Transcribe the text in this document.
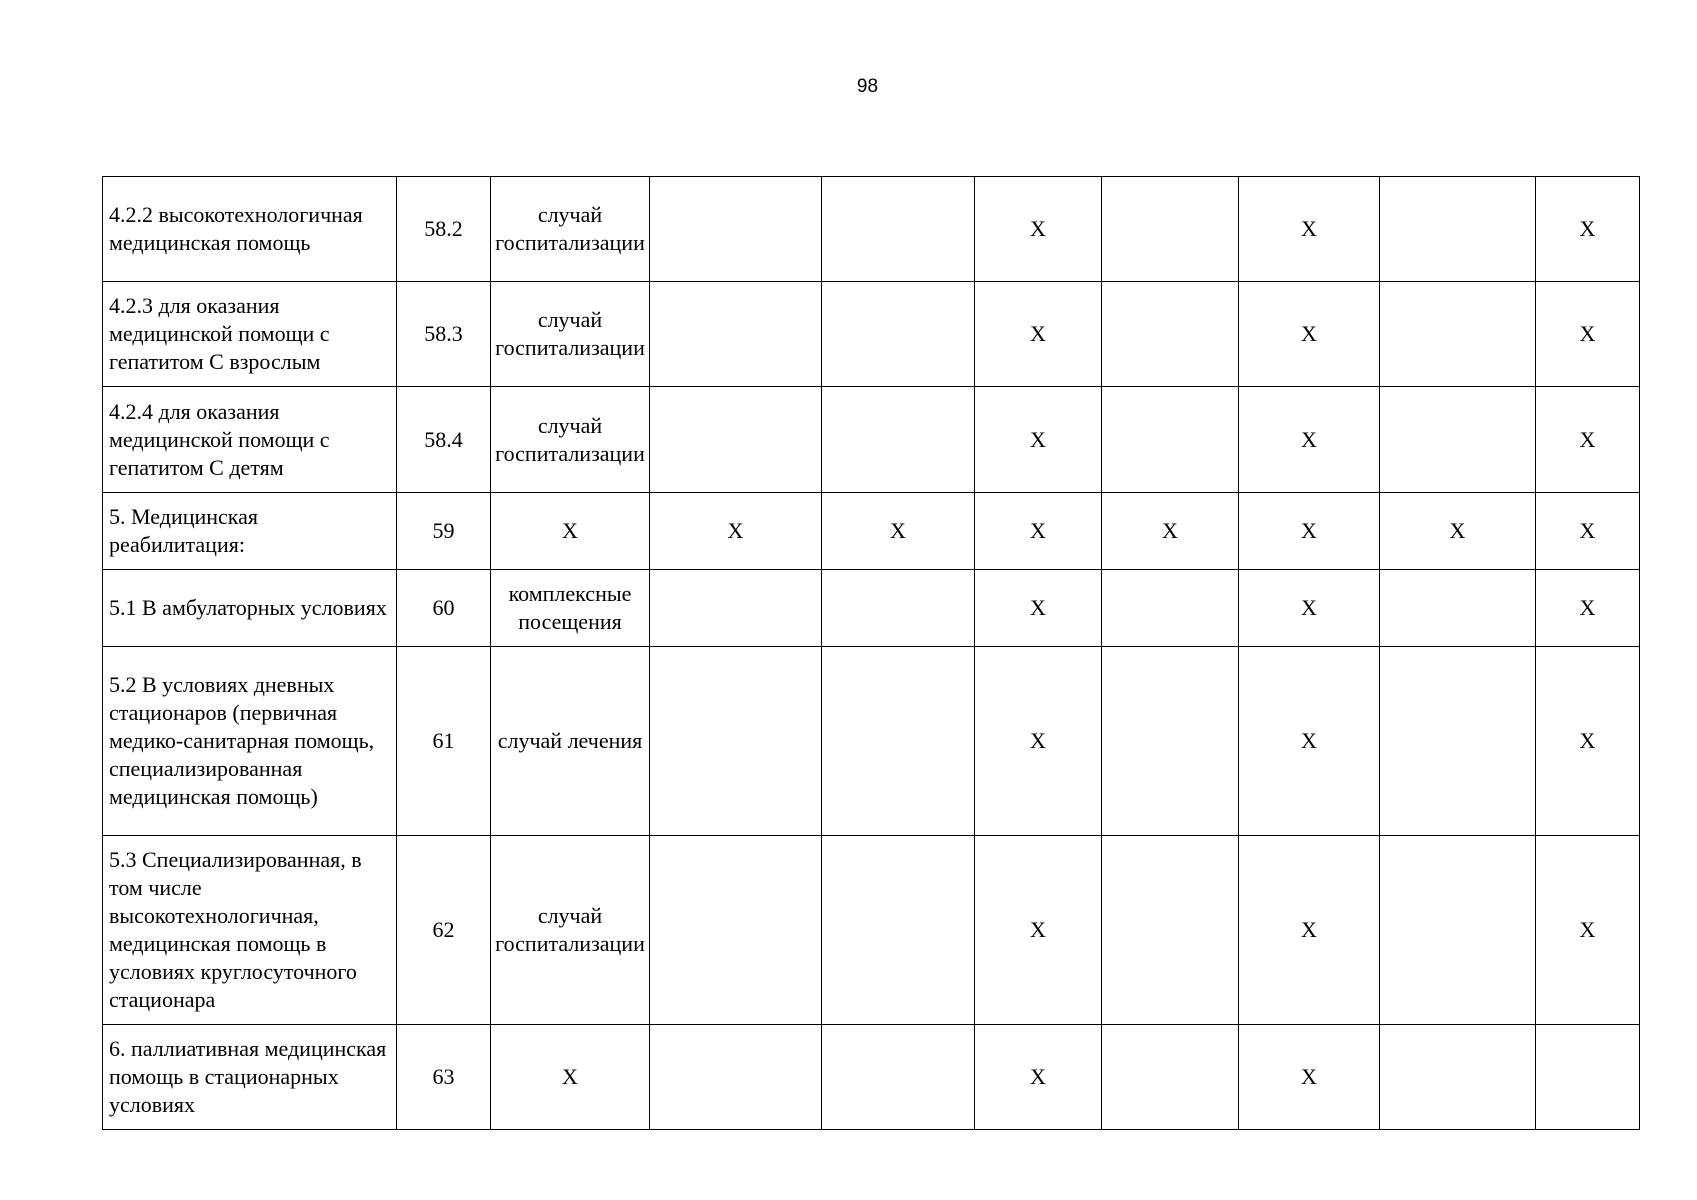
98
4.2.2 высокотехнологичная медицинская помощь	58.2	случай госпитализации			X		X		X
4.2.3 для оказания медицинской помощи с гепатитом С взрослым	58.3	случай госпитализации			X		X		X
4.2.4 для оказания медицинской помощи с гепатитом С детям	58.4	случай госпитализации			X		X		X
5. Медицинская реабилитация:	59	X	X	X	X	X	X	X	X
5.1 В амбулаторных условиях	60	комплексные посещения			X		X		X
5.2 В условиях дневных стационаров (первичная медико-санитарная помощь, специализированная медицинская помощь)	61	случай лечения			X		X		X
5.3 Специализированная, в том числе высокотехнологичная, медицинская помощь в условиях круглосуточного стационара	62	случай госпитализации			X		X		X
6. паллиативная медицинская помощь в стационарных условиях	63	X			X		X		
